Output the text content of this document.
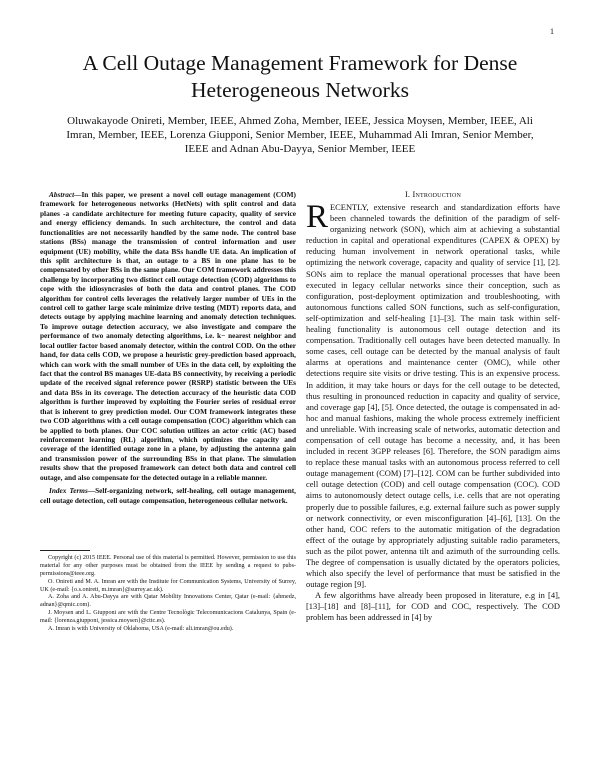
1
A Cell Outage Management Framework for Dense Heterogeneous Networks

Oluwakayode Onireti, Member, IEEE, Ahmed Zoha, Member, IEEE, Jessica Moysen, Member, IEEE, Ali Imran, Member, IEEE, Lorenza Giupponi, Senior Member, IEEE, Muhammad Ali Imran, Senior Member, IEEE and Adnan Abu-Dayya, Senior Member, IEEE

Abstract—In this paper, we present a novel cell outage management (COM) framework for heterogeneous networks (HetNets) with split control and data planes -a candidate architecture for meeting future capacity, quality of service and energy efficiency demands. In such architecture, the control and data functionalities are not necessarily handled by the same node. The control base stations (BSs) manage the transmission of control information and user equipment (UE) mobility, while the data BSs handle UE data. An implication of this split architecture is that, an outage to a BS in one plane has to be compensated by other BSs in the same plane. Our COM framework addresses this challenge by incorporating two distinct cell outage detection (COD) algorithms to cope with the idiosyncrasies of both the data and control planes. The COD algorithm for control cells leverages the relatively larger number of UEs in the control cell to gather large scale minimize drive testing (MDT) reports data, and detects outage by applying machine learning and anomaly detection techniques. To improve outage detection accuracy, we also investigate and compare the performance of two anomaly detecting algorithms, i.e. k− nearest neighbor and local outlier factor based anomaly detector, within the control COD. On the other hand, for data cells COD, we propose a heuristic grey-prediction based approach, which can work with the small number of UEs in the data cell, by exploiting the fact that the control BS manages UE-data BS connectivity, by receiving a periodic update of the received signal reference power (RSRP) statistic between the UEs and data BSs in its coverage. The detection accuracy of the heuristic data COD algorithm is further improved by exploiting the Fourier series of residual error that is inherent to grey prediction model. Our COM framework integrates these two COD algorithms with a cell outage compensation (COC) algorithm which can be applied to both planes. Our COC solution utilizes an actor critic (AC) based reinforcement learning (RL) algorithm, which optimizes the capacity and coverage of the identified outage zone in a plane, by adjusting the antenna gain and transmission power of the surrounding BSs in that plane. The simulation results show that the proposed framework can detect both data and control cell outage, and also compensate for the detected outage in a reliable manner.

Index Terms—Self-organizing network, self-healing, cell outage management, cell outage detection, cell outage compensation, heterogeneous cellular network.

Copyright (c) 2015 IEEE. Personal use of this material is permitted. However, permission to use this material for any other purposes must be obtained from the IEEE by sending a request to pubs-permissions@ieee.org.

O. Onireti and M. A. Imran are with the Institute for Communication Systems, University of Surrey, UK (e-mail: {o.s.onireti, m.imran}@surrey.ac.uk).

A. Zoha and A. Abu-Dayya are with Qatar Mobility Innovations Center, Qatar (e-mail: {ahmedz, adnan}@qmic.com).

J. Moysen and L. Giupponi are with the Centre Tecnològic Telecomunicacions Catalunya, Spain (e-mail: {lorenza.giupponi, jessica.moysen}@cttc.es).

A. Imran is with University of Oklahoma, USA (e-mail: ali.imran@ou.edu).

I. Introduction

RECENTLY, extensive research and standardization efforts have been channeled towards the definition of the paradigm of self-organizing network (SON), which aim at achieving a substantial reduction in capital and operational expenditures (CAPEX & OPEX) by reducing human involvement in network operational tasks, while optimizing the network coverage, capacity and quality of service [1], [2]. SONs aim to replace the manual operational processes that have been executed in legacy cellular networks since their conception, such as configuration, post-deployment optimization and troubleshooting, with autonomous functions called SON functions, such as self-configuration, self-optimization and self-healing [1]–[3]. The main task within self-healing functionality is autonomous cell outage detection and its compensation. Traditionally cell outages have been detected manually. In some cases, cell outage can be detected by the manual analysis of fault alarms at operations and maintenance center (OMC), while other detections require site visits or drive testing. This is an expensive process. In addition, it may take hours or days for the cell outage to be detected, thus resulting in pronounced reduction in capacity and quality of service, and coverage gap [4], [5]. Once detected, the outage is compensated in ad-hoc and manual fashions, making the whole process extremely inefficient and unreliable. With increasing scale of networks, automatic detection and compensation of cell outage has become a necessity, and, it has been included in recent 3GPP releases [6]. Therefore, the SON paradigm aims to replace these manual tasks with an autonomous process referred to cell outage management (COM) [7]–[12]. COM can be further subdivided into cell outage detection (COD) and cell outage compensation (COC). COD aims to autonomously detect outage cells, i.e. cells that are not operating properly due to possible failures, e.g. external failure such as power supply or network connectivity, or even misconfiguration [4]–[6], [13]. On the other hand, COC refers to the automatic mitigation of the degradation effect of the outage by appropriately adjusting suitable radio parameters, such as the pilot power, antenna tilt and azimuth of the surrounding cells. The degree of compensation is usually dictated by the operators policies, which also specify the level of performance that must be satisfied in the outage region [9].

A few algorithms have already been proposed in literature, e.g in [4], [13]–[18] and [8]–[11], for COD and COC, respectively. The COD problem has been addressed in [4] by
